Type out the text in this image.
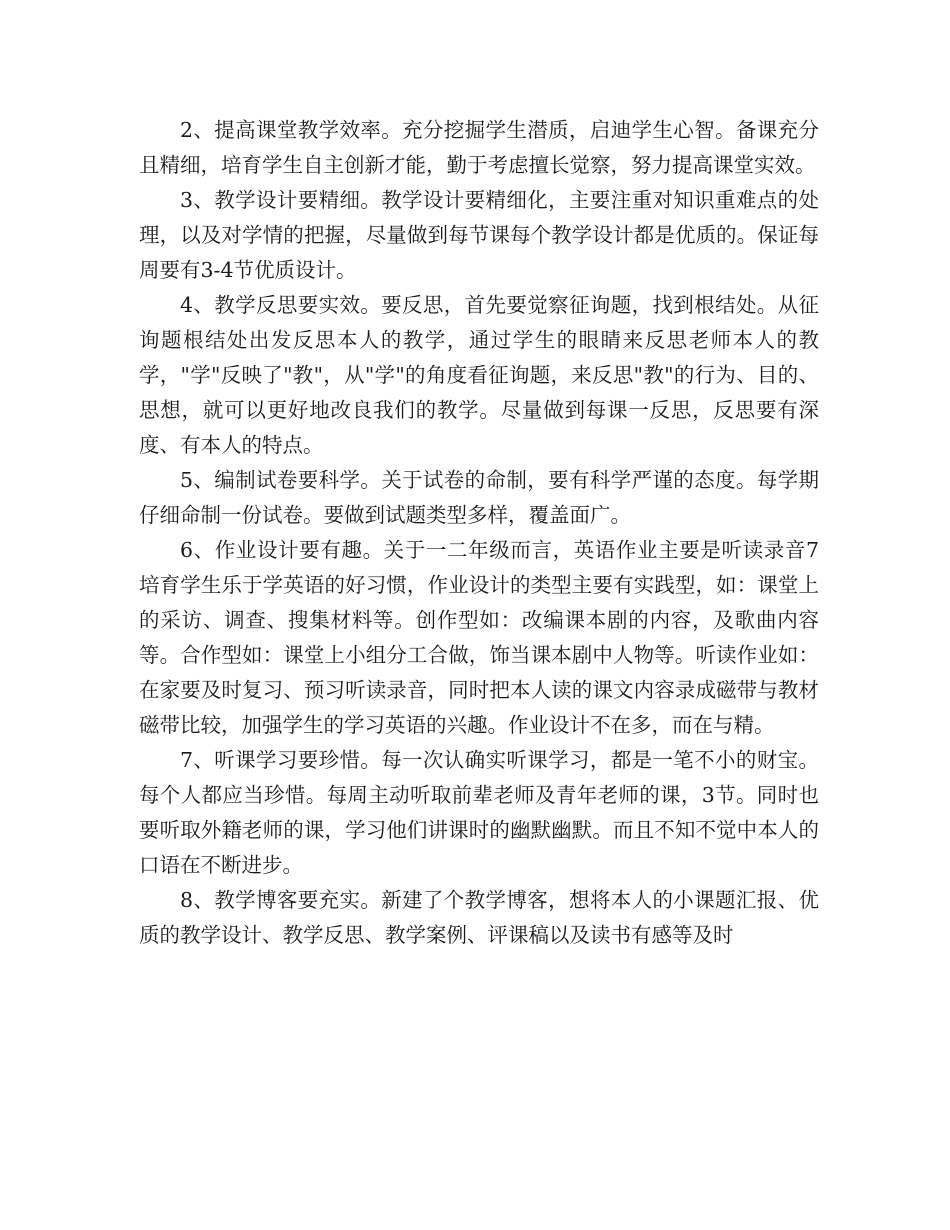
2、提高课堂教学效率。充分挖掘学生潜质，启迪学生心智。备课充分且精细，培育学生自主创新才能，勤于考虑擅长觉察，努力提高课堂实效。

3、教学设计要精细。教学设计要精细化，主要注重对知识重难点的处理，以及对学情的把握，尽量做到每节课每个教学设计都是优质的。保证每周要有3-4节优质设计。

4、教学反思要实效。要反思，首先要觉察征询题，找到根结处。从征询题根结处出发反思本人的教学，通过学生的眼睛来反思老师本人的教学，"学"反映了"教"，从"学"的角度看征询题，来反思"教"的行为、目的、思想，就可以更好地改良我们的教学。尽量做到每课一反思，反思要有深度、有本人的特点。

5、编制试卷要科学。关于试卷的命制，要有科学严谨的态度。每学期仔细命制一份试卷。要做到试题类型多样，覆盖面广。

6、作业设计要有趣。关于一二年级而言，英语作业主要是听读录音7培育学生乐于学英语的好习惯，作业设计的类型主要有实践型，如：课堂上的采访、调查、搜集材料等。创作型如：改编课本剧的内容，及歌曲内容等。合作型如：课堂上小组分工合做，饰当课本剧中人物等。听读作业如：在家要及时复习、预习听读录音，同时把本人读的课文内容录成磁带与教材磁带比较，加强学生的学习英语的兴趣。作业设计不在多，而在与精。

7、听课学习要珍惜。每一次认确实听课学习，都是一笔不小的财宝。每个人都应当珍惜。每周主动听取前辈老师及青年老师的课，3节。同时也要听取外籍老师的课，学习他们讲课时的幽默幽默。而且不知不觉中本人的口语在不断进步。

8、教学博客要充实。新建了个教学博客，想将本人的小课题汇报、优质的教学设计、教学反思、教学案例、评课稿以及读书有感等及时
